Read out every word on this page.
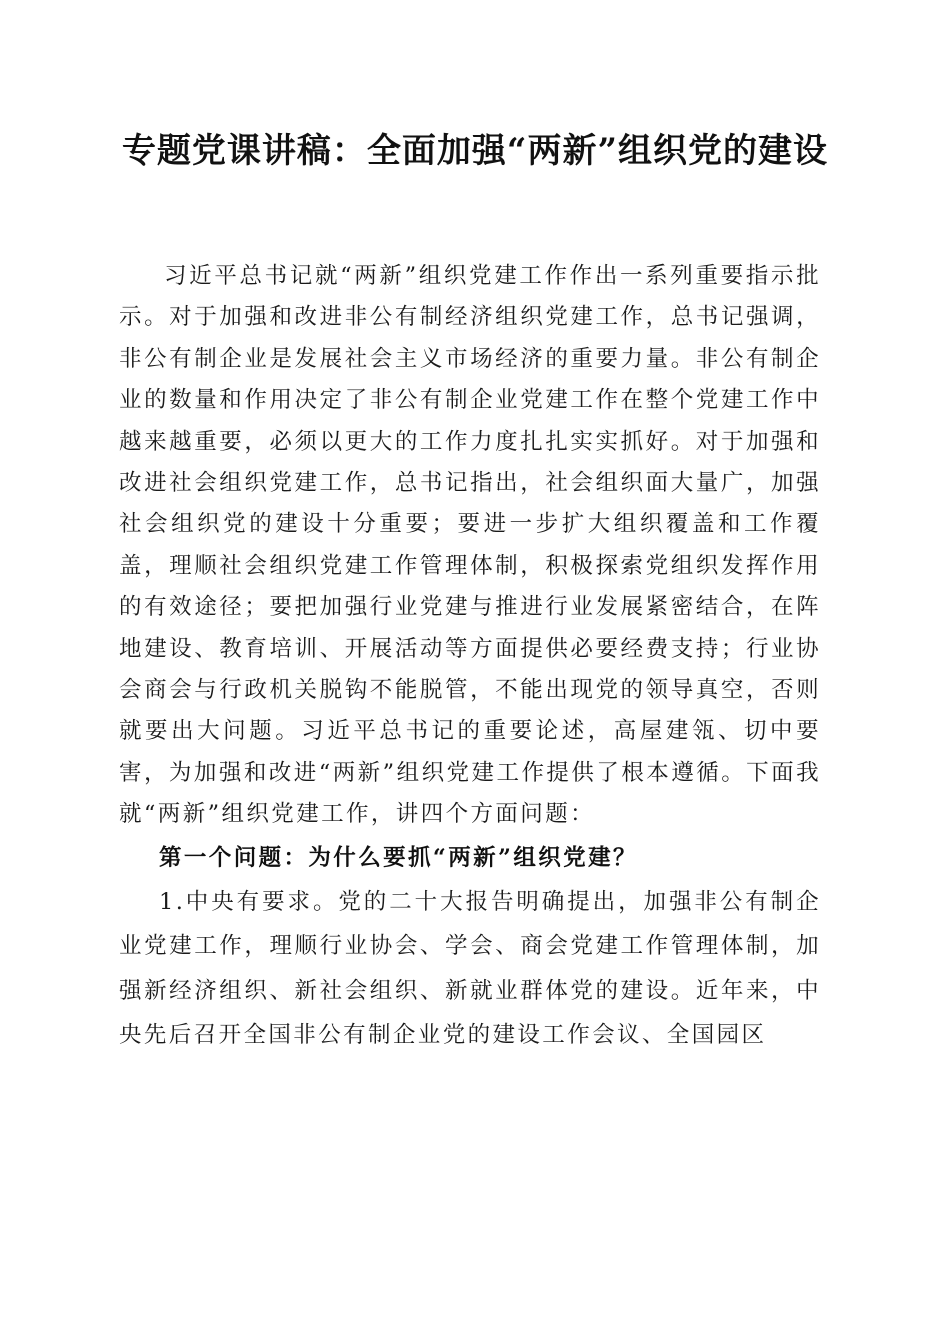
专题党课讲稿：全面加强“两新”组织党的建设

习近平总书记就“两新”组织党建工作作出一系列重要指示批示。对于加强和改进非公有制经济组织党建工作，总书记强调，非公有制企业是发展社会主义市场经济的重要力量。非公有制企业的数量和作用决定了非公有制企业党建工作在整个党建工作中越来越重要，必须以更大的工作力度扎扎实实抓好。对于加强和改进社会组织党建工作，总书记指出，社会组织面大量广，加强社会组织党的建设十分重要；要进一步扩大组织覆盖和工作覆盖，理顺社会组织党建工作管理体制，积极探索党组织发挥作用的有效途径；要把加强行业党建与推进行业发展紧密结合，在阵地建设、教育培训、开展活动等方面提供必要经费支持；行业协会商会与行政机关脱钩不能脱管，不能出现党的领导真空，否则就要出大问题。习近平总书记的重要论述，高屋建瓴、切中要害，为加强和改进“两新”组织党建工作提供了根本遵循。下面我就“两新”组织党建工作，讲四个方面问题：

第一个问题：为什么要抓“两新”组织党建？

1.中央有要求。党的二十大报告明确提出，加强非公有制企业党建工作，理顺行业协会、学会、商会党建工作管理体制，加强新经济组织、新社会组织、新就业群体党的建设。近年来，中央先后召开全国非公有制企业党的建设工作会议、全国园区
